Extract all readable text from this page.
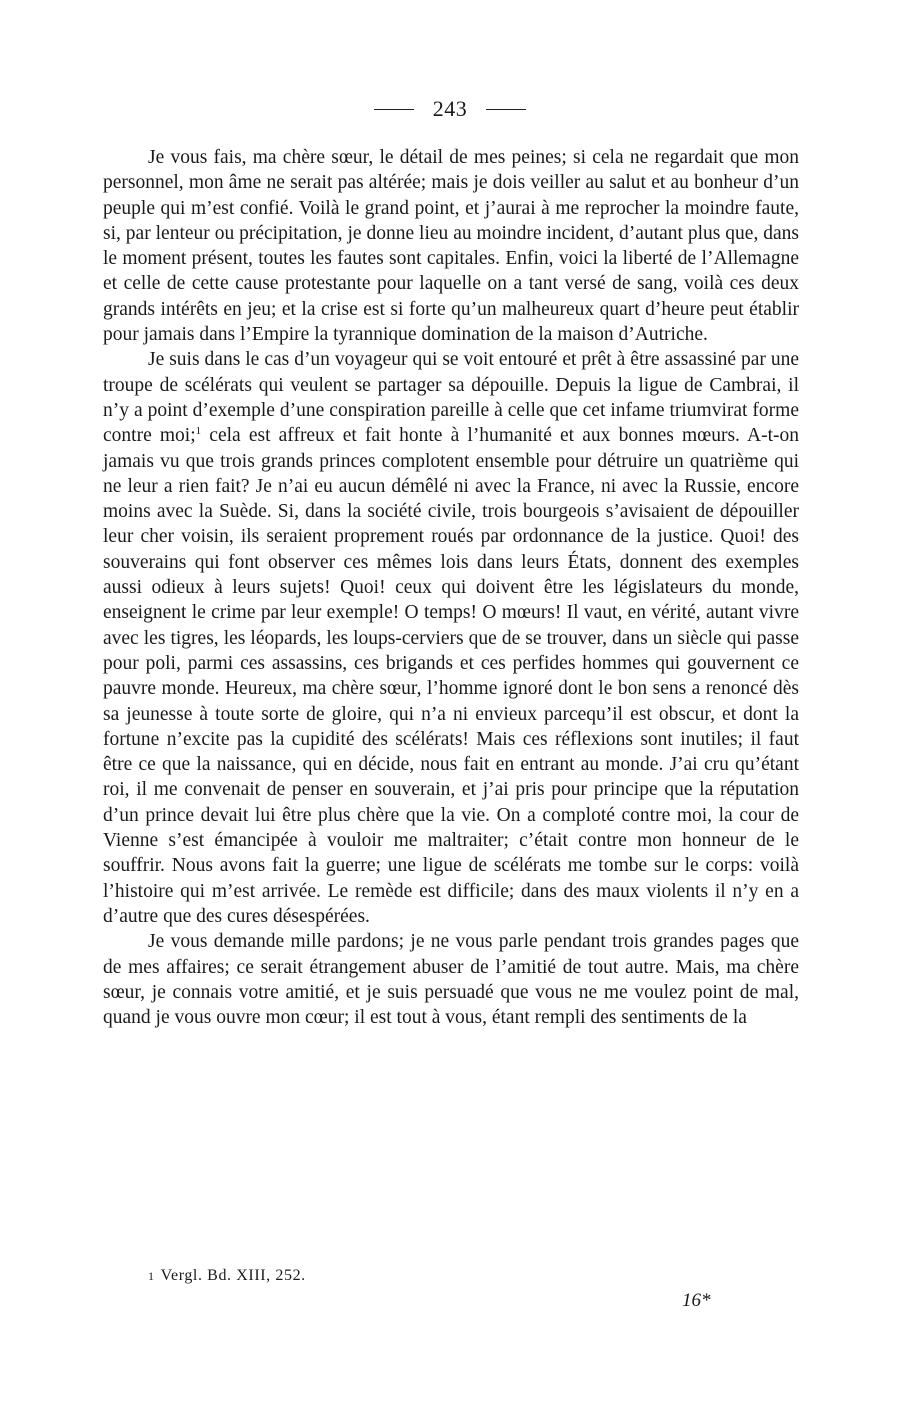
243

Je vous fais, ma chère sœur, le détail de mes peines; si cela ne regardait que mon personnel, mon âme ne serait pas altérée; mais je dois veiller au salut et au bonheur d’un peuple qui m’est confié. Voilà le grand point, et j’aurai à me reprocher la moindre faute, si, par lenteur ou précipitation, je donne lieu au moindre incident, d’autant plus que, dans le moment présent, toutes les fautes sont capitales. Enfin, voici la liberté de l’Allemagne et celle de cette cause protestante pour laquelle on a tant versé de sang, voilà ces deux grands intérêts en jeu; et la crise est si forte qu’un malheureux quart d’heure peut établir pour jamais dans l’Empire la tyrannique domination de la maison d’Autriche.

Je suis dans le cas d’un voyageur qui se voit entouré et prêt à être assassiné par une troupe de scélérats qui veulent se partager sa dépouille. Depuis la ligue de Cambrai, il n’y a point d’exemple d’une conspiration pareille à celle que cet infame triumvirat forme contre moi;$^1$ cela est affreux et fait honte à l’humanité et aux bonnes mœurs. A-t-on jamais vu que trois grands princes complotent ensemble pour détruire un quatrième qui ne leur a rien fait? Je n’ai eu aucun démêlé ni avec la France, ni avec la Russie, encore moins avec la Suède. Si, dans la société civile, trois bourgeois s’avisaient de dépouiller leur cher voisin, ils seraient proprement roués par ordonnance de la justice. Quoi! des souverains qui font observer ces mêmes lois dans leurs États, donnent des exemples aussi odieux à leurs sujets! Quoi! ceux qui doivent être les législateurs du monde, enseignent le crime par leur exemple! O temps! O mœurs! Il vaut, en vérité, autant vivre avec les tigres, les léopards, les loups-cerviers que de se trouver, dans un siècle qui passe pour poli, parmi ces assassins, ces brigands et ces perfides hommes qui gouvernent ce pauvre monde. Heureux, ma chère sœur, l’homme ignoré dont le bon sens a renoncé dès sa jeunesse à toute sorte de gloire, qui n’a ni envieux parcequ’il est obscur, et dont la fortune n’excite pas la cupidité des scélérats! Mais ces réflexions sont inutiles; il faut être ce que la naissance, qui en décide, nous fait en entrant au monde. J’ai cru qu’étant roi, il me convenait de penser en souverain, et j’ai pris pour principe que la réputation d’un prince devait lui être plus chère que la vie. On a comploté contre moi, la cour de Vienne s’est émancipée à vouloir me maltraiter; c’était contre mon honneur de le souffrir. Nous avons fait la guerre; une ligue de scélérats me tombe sur le corps: voilà l’histoire qui m’est arrivée. Le remède est difficile; dans des maux violents il n’y en a d’autre que des cures désespérées.

Je vous demande mille pardons; je ne vous parle pendant trois grandes pages que de mes affaires; ce serait étrangement abuser de l’amitié de tout autre. Mais, ma chère sœur, je connais votre amitié, et je suis persuadé que vous ne me voulez point de mal, quand je vous ouvre mon cœur; il est tout à vous, étant rempli des sentiments de la

1 Vergl. Bd. XIII, 252.
16*
